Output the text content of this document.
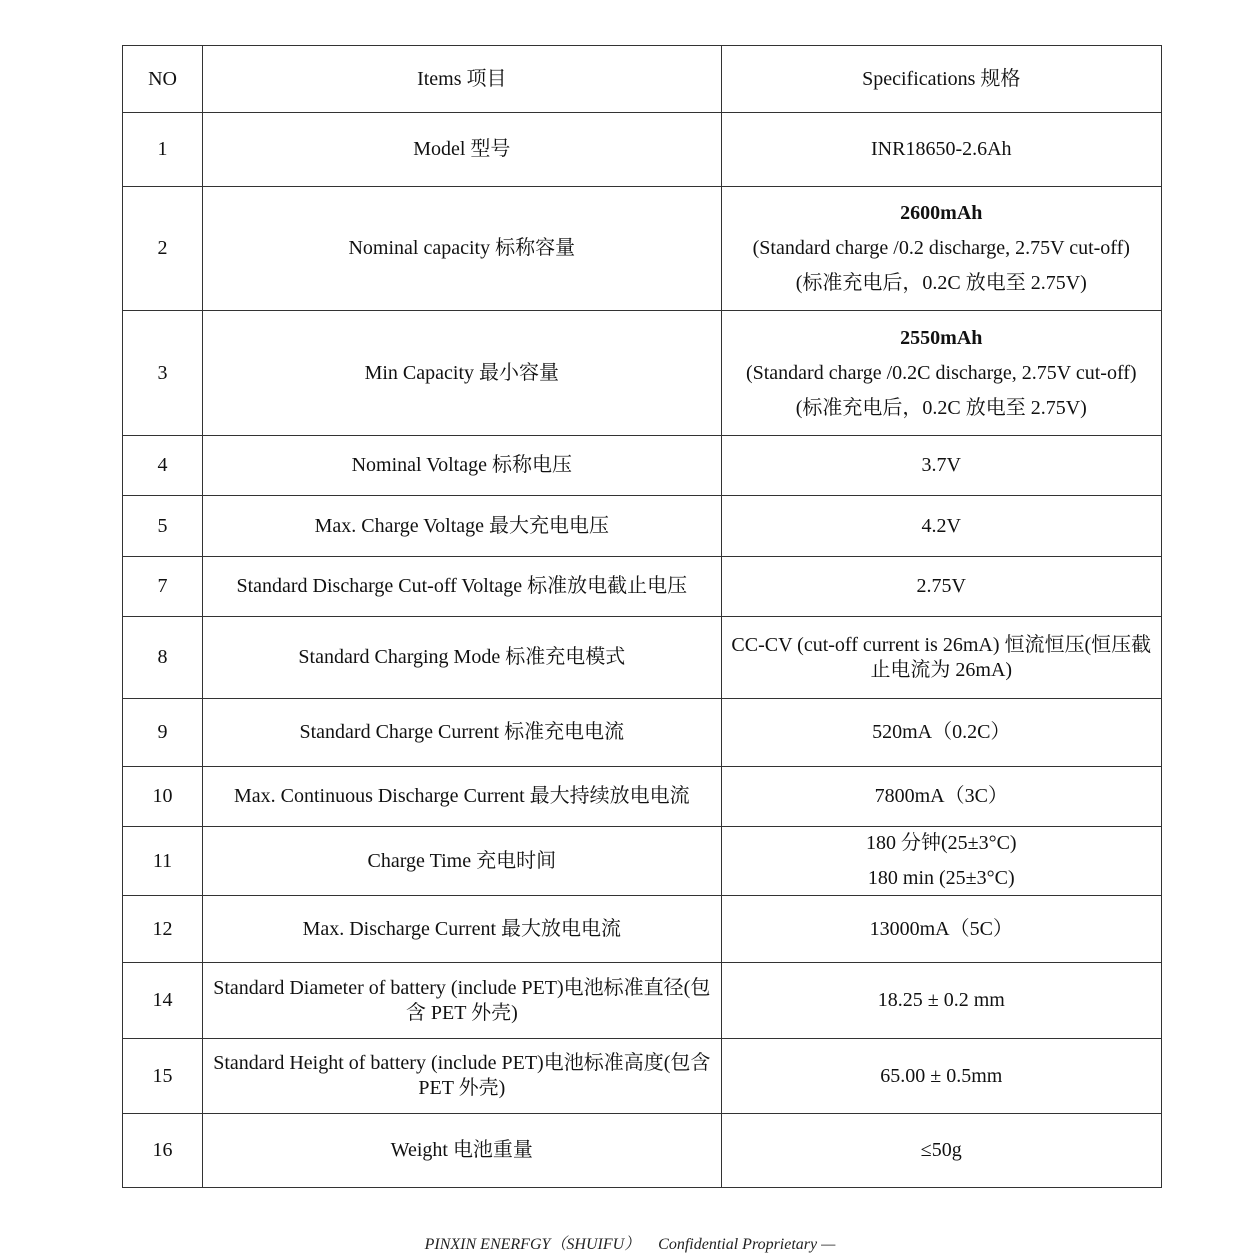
NO	Items 项目	Specifications 规格
1	Model 型号	INR18650-2.6Ah

2	Nominal capacity 标称容量	2600mAh
(Standard charge /0.2 discharge, 2.75V cut-off)
(标准充电后，0.2C 放电至 2.75V)

3	Min Capacity 最小容量	2550mAh
(Standard charge /0.2C discharge, 2.75V cut-off)
(标准充电后，0.2C 放电至 2.75V)

4	Nominal Voltage 标称电压	3.7V

5	Max. Charge Voltage 最大充电电压	4.2V

7	Standard Discharge Cut-off Voltage 标准放电截止电压	2.75V

8	Standard Charging Mode 标准充电模式	CC-CV (cut-off current is 26mA) 恒流恒压(恒压截止电流为 26mA)

9	Standard Charge Current 标准充电电流	520mA（0.2C）

10	Max. Continuous Discharge Current 最大持续放电电流	7800mA（3C）

11	Charge Time 充电时间	180 分钟(25±3°C)
180 min (25±3°C)

12	Max. Discharge Current 最大放电电流	13000mA（5C）

14	Standard Diameter of battery (include PET)电池标准直径(包含 PET 外壳)	18.25 ± 0.2 mm

15	Standard Height of battery (include PET)电池标准高度(包含 PET 外壳)	65.00 ± 0.5mm

16	Weight 电池重量	≤50g
PINXIN ENERFGY（SHUIFU） Confidential Proprietary —
